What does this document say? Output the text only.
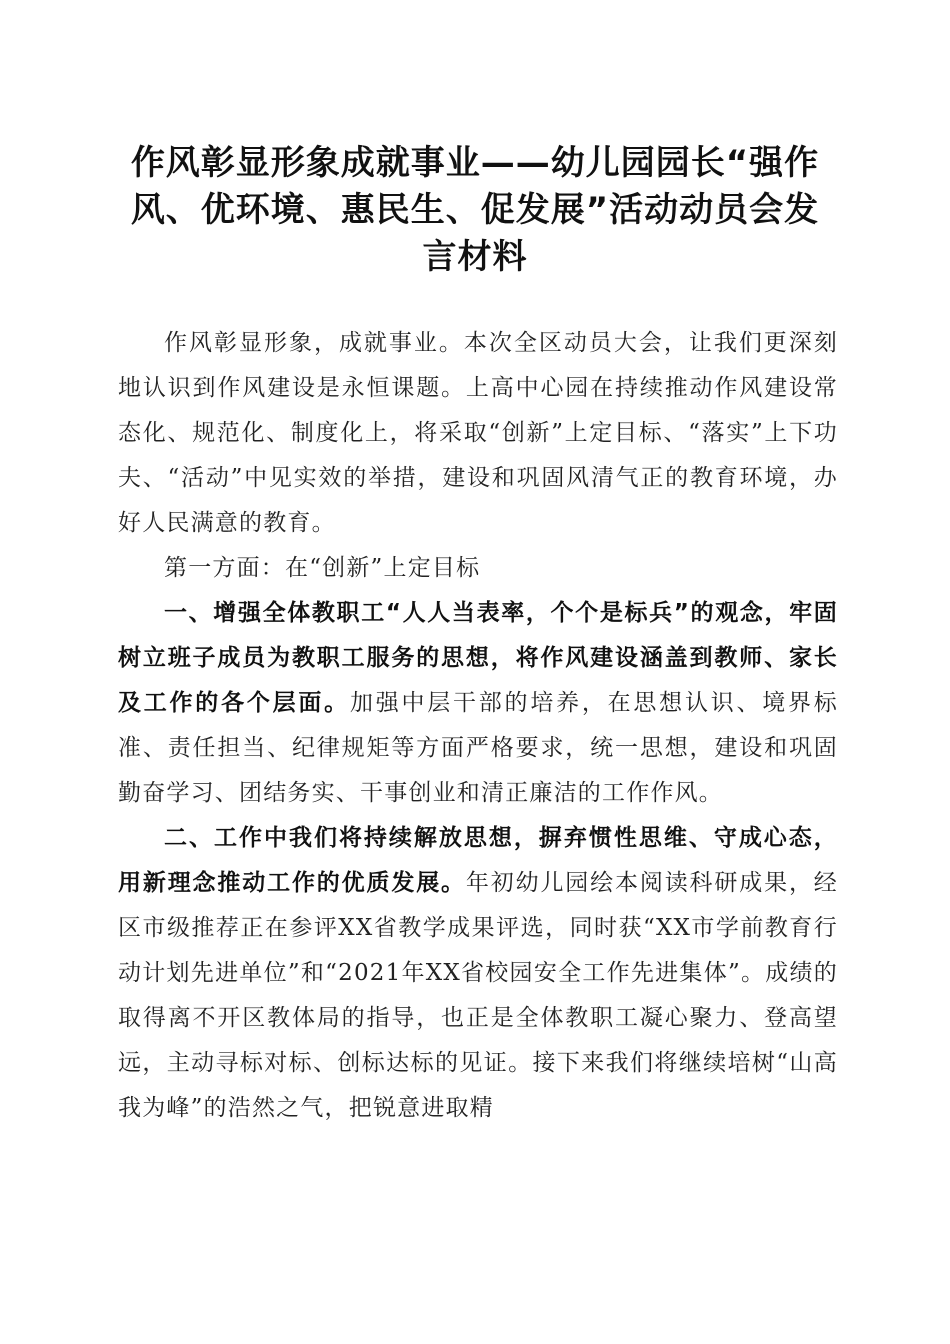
作风彰显形象成就事业——幼儿园园长“强作
风、优环境、惠民生、促发展”活动动员会发
言材料

作风彰显形象，成就事业。本次全区动员大会，让我们更深刻地认识到作风建设是永恒课题。上高中心园在持续推动作风建设常态化、规范化、制度化上，将采取“创新”上定目标、“落实”上下功夫、“活动”中见实效的举措，建设和巩固风清气正的教育环境，办好人民满意的教育。

第一方面：在“创新”上定目标

一、增强全体教职工“人人当表率，个个是标兵”的观念，牢固树立班子成员为教职工服务的思想，将作风建设涵盖到教师、家长及工作的各个层面。加强中层干部的培养，在思想认识、境界标准、责任担当、纪律规矩等方面严格要求，统一思想，建设和巩固勤奋学习、团结务实、干事创业和清正廉洁的工作作风。

二、工作中我们将持续解放思想，摒弃惯性思维、守成心态，用新理念推动工作的优质发展。年初幼儿园绘本阅读科研成果，经区市级推荐正在参评XX省教学成果评选，同时获“XX市学前教育行动计划先进单位”和“2021年XX省校园安全工作先进集体”。成绩的取得离不开区教体局的指导，也正是全体教职工凝心聚力、登高望远，主动寻标对标、创标达标的见证。接下来我们将继续培树“山高我为峰”的浩然之气，把锐意进取精
